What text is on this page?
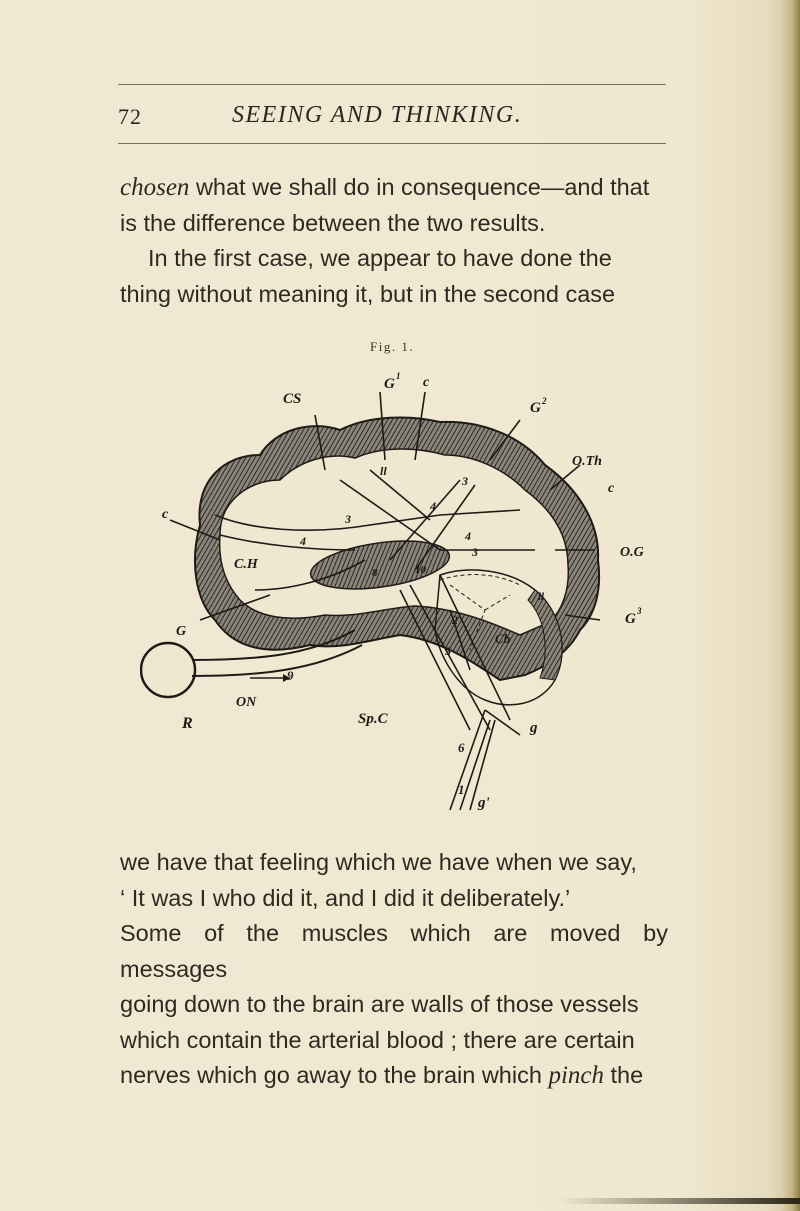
72	SEEING AND THINKING.

chosen what we shall do in consequence—and that

is the difference between the two results.

In the first case, we appear to have done the

thing without meaning it, but in the second case

Fig. 1.
CS
G 1 c
G 2
O.Th
c
O.G
G 3
c
C.H
G
R
ON
Sp.C
Cb
g
g'
2
3
3
3
4
4
4
5
6
1
10
8
9
ll
ll

we have that feeling which we have when we say,

‘ It was I who did it, and I did it deliberately.’

Some of the muscles which are moved by messages

going down to the brain are walls of those vessels

which contain the arterial blood ; there are certain

nerves which go away to the brain which pinch the
